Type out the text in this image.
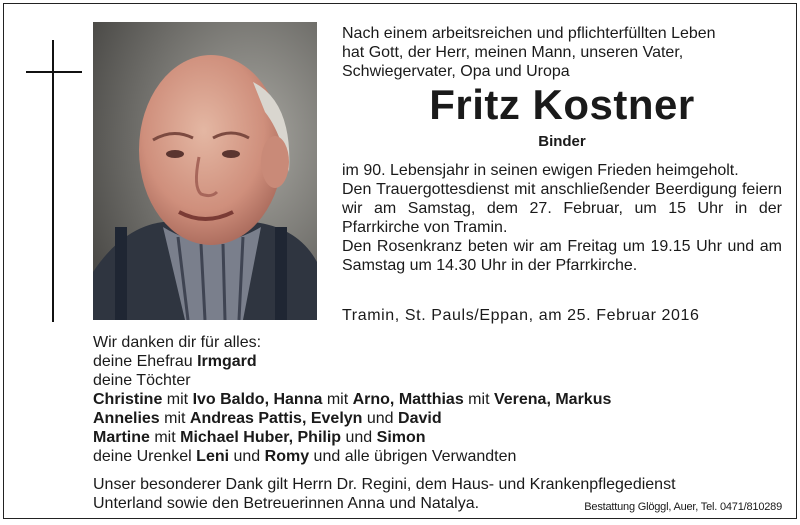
Nach einem arbeitsreichen und pflichterfüllten Leben
hat Gott, der Herr, meinen Mann, unseren Vater,
Schwiegervater, Opa und Uropa
Fritz Kostner
Binder

im 90. Lebensjahr in seinen ewigen Frieden heimgeholt.

Den Trauergottesdienst mit anschließender Beerdigung feiern wir am Samstag, dem 27. Februar, um 15 Uhr in der Pfarrkirche von Tramin.

Den Rosenkranz beten wir am Freitag um 19.15 Uhr und am Samstag um 14.30 Uhr in der Pfarrkirche.

Tramin, St. Pauls/Eppan, am 25. Februar 2016
Wir danken dir für alles:
deine Ehefrau Irmgard
deine Töchter
Christine mit Ivo Baldo, Hanna mit Arno, Matthias mit Verena, Markus
Annelies mit Andreas Pattis, Evelyn und David
Martine mit Michael Huber, Philip und Simon
deine Urenkel Leni und Romy und alle übrigen Verwandten
Unser besonderer Dank gilt Herrn Dr. Regini, dem Haus- und Krankenpflegedienst
Unterland sowie den Betreuerinnen Anna und Natalya.	Bestattung Glöggl, Auer, Tel. 0471/810289
